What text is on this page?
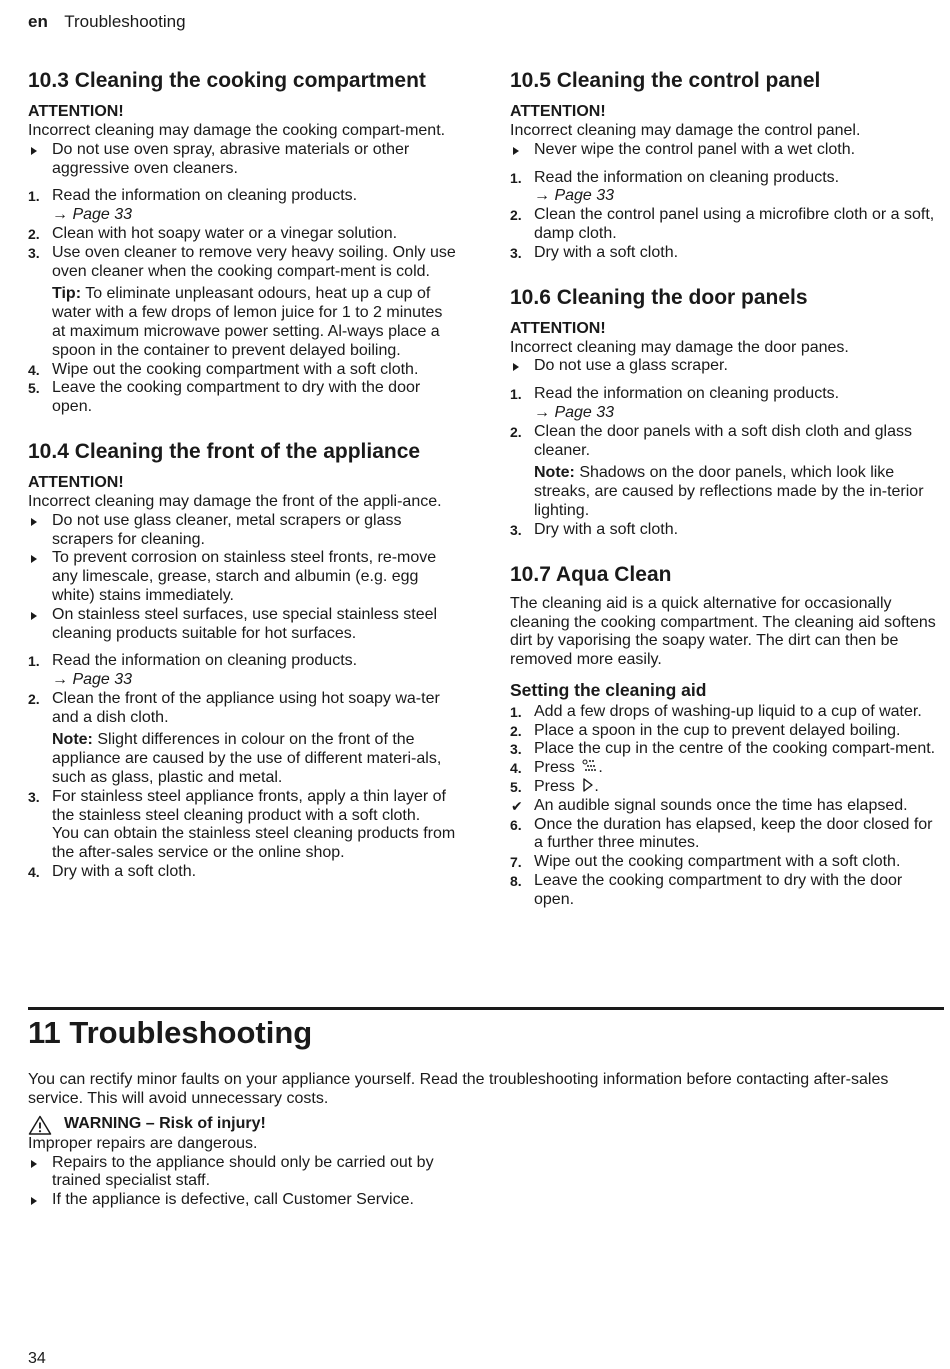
en Troubleshooting
10.3 Cleaning the cooking compartment

ATTENTION!

Incorrect cleaning may damage the cooking compart-ment.

Do not use oven spray, abrasive materials or other aggressive oven cleaners.
1. Read the information on cleaning products.
→ Page 33
2. Clean with hot soapy water or a vinegar solution.
3. Use oven cleaner to remove very heavy soiling. Only use oven cleaner when the cooking compart-ment is cold.
Tip: To eliminate unpleasant odours, heat up a cup of water with a few drops of lemon juice for 1 to 2 minutes at maximum microwave power setting. Al-ways place a spoon in the container to prevent delayed boiling.
4. Wipe out the cooking compartment with a soft cloth.
5. Leave the cooking compartment to dry with the door open.
10.4 Cleaning the front of the appliance

ATTENTION!

Incorrect cleaning may damage the front of the appli-ance.

Do not use glass cleaner, metal scrapers or glass scrapers for cleaning.
To prevent corrosion on stainless steel fronts, re-move any limescale, grease, starch and albumin (e.g. egg white) stains immediately.
On stainless steel surfaces, use special stainless steel cleaning products suitable for hot surfaces.
1. Read the information on cleaning products.
→ Page 33
2. Clean the front of the appliance using hot soapy wa-ter and a dish cloth.
Note: Slight differences in colour on the front of the appliance are caused by the use of different materi-als, such as glass, plastic and metal.
3. For stainless steel appliance fronts, apply a thin layer of the stainless steel cleaning product with a soft cloth.
You can obtain the stainless steel cleaning products from the after-sales service or the online shop.
4. Dry with a soft cloth.
10.5 Cleaning the control panel

ATTENTION!

Incorrect cleaning may damage the control panel.

Never wipe the control panel with a wet cloth.
1. Read the information on cleaning products.
→ Page 33
2. Clean the control panel using a microfibre cloth or a soft, damp cloth.
3. Dry with a soft cloth.
10.6 Cleaning the door panels

ATTENTION!

Incorrect cleaning may damage the door panes.

Do not use a glass scraper.
1. Read the information on cleaning products.
→ Page 33
2. Clean the door panels with a soft dish cloth and glass cleaner.
Note: Shadows on the door panels, which look like streaks, are caused by reflections made by the in-terior lighting.
3. Dry with a soft cloth.
10.7 Aqua Clean

The cleaning aid is a quick alternative for occasionally cleaning the cooking compartment. The cleaning aid softens dirt by vaporising the soapy water. The dirt can then be removed more easily.

Setting the cleaning aid
1. Add a few drops of washing-up liquid to a cup of water.
2. Place a spoon in the cup to prevent delayed boiling.
3. Place the cup in the centre of the cooking compart-ment.
4. Press .
5. Press .
✔ An audible signal sounds once the time has elapsed.
6. Once the duration has elapsed, keep the door closed for a further three minutes.
7. Wipe out the cooking compartment with a soft cloth.
8. Leave the cooking compartment to dry with the door open.
11 Troubleshooting

You can rectify minor faults on your appliance yourself. Read the troubleshooting information before contacting after-sales service. This will avoid unnecessary costs.

WARNING – Risk of injury!

Improper repairs are dangerous.

Repairs to the appliance should only be carried out by trained specialist staff.
If the appliance is defective, call Customer Service.
34
